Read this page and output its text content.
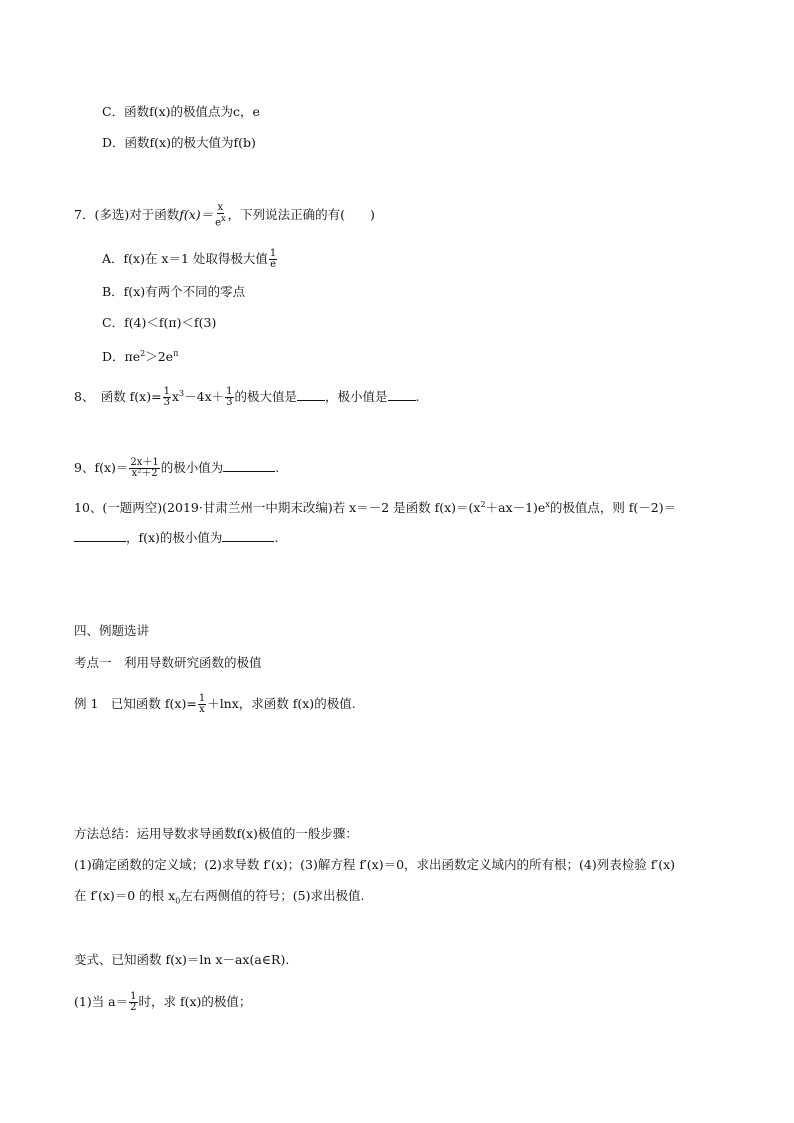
C．函数f(x)的极值点为c，e
D．函数f(x)的极大值为f(b)
7．(多选)对于函数$f(x)= \frac{x}{e^x}$ ，下列说法正确的有(　　)
A．f(x)在 x＝1 处取得极大值 $\frac{1}{e}$
B．f(x)有两个不同的零点
C．f(4)＜f(π)＜f(3)
D．$\pi e^2>2e^\pi$
8、　函数 $f(x)= \frac{1}{3} x^3-4x+ \frac{1}{3}$ 的极大值是 ，极小值是 .
9、$f(x)= \frac{2x+1}{\text{x²＋2}}$ 的极小值为	.
10、(一题两空)(2019·甘肃兰州一中期末改编)若 x＝－2 是函数 $f(x)=(x^2+ax-1)e^x$的极值点，则 f(－2)＝
，f(x)的极小值为	.
四、例题选讲
考点一　利用导数研究函数的极值
例 1　已知函数 $f(x)= \frac{1}{x} +\ln x$，求函数 f(x)的极值.
方法总结：运用导数求导函数f(x)极值的一般步骤：
(1)确定函数的定义域；(2)求导数 f′(x)；(3)解方程 f′(x)＝0，求出函数定义域内的所有根；(4)列表检验 f′(x)
在 f′(x)＝0 的根 $x_0$左右两侧值的符号；(5)求出极值.
变式、已知函数 f(x)＝ln x－ax(a∈R).
(1)当 $a= \frac{1}{2}$ 时，求 f(x)的极值；
